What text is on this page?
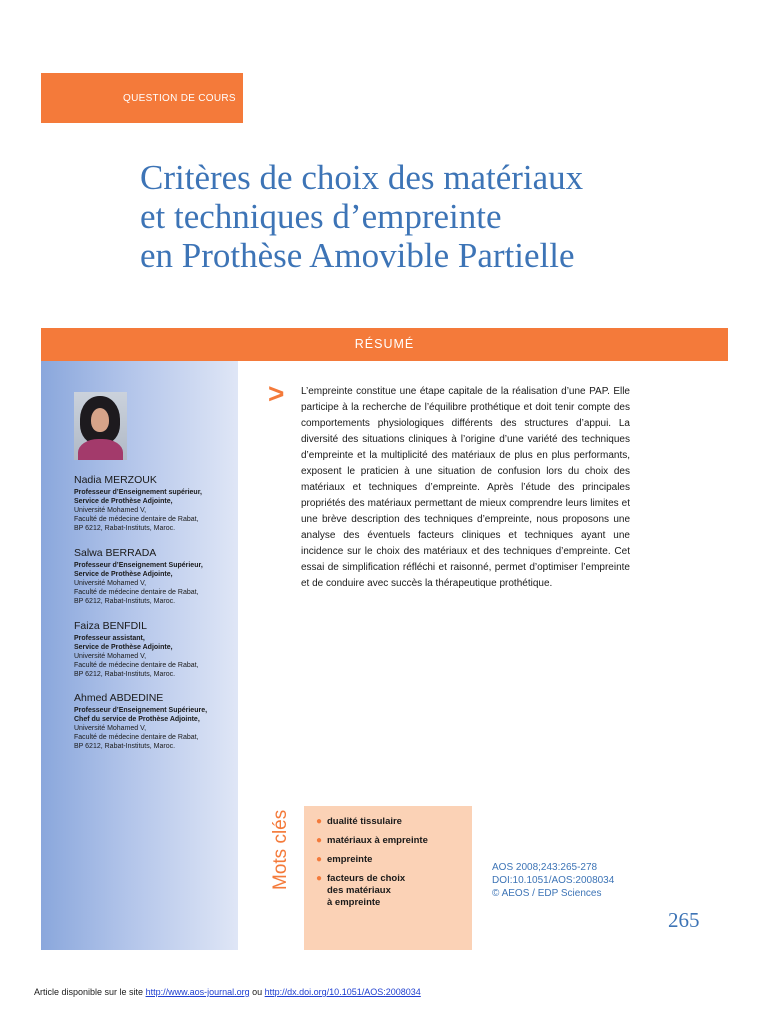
QUESTION DE COURS
Critères de choix des matériaux
et techniques d’empreinte
en Prothèse Amovible Partielle
RÉSUMÉ
Nadia MERZOUK
Professeur d’Enseignement supérieur,
Service de Prothèse Adjointe,
Université Mohamed V,
Faculté de médecine dentaire de Rabat,
BP 6212, Rabat-Instituts, Maroc.
Salwa BERRADA
Professeur d’Enseignement Supérieur,
Service de Prothèse Adjointe,
Université Mohamed V,
Faculté de médecine dentaire de Rabat,
BP 6212, Rabat-Instituts, Maroc.
Faiza BENFDIL
Professeur assistant,
Service de Prothèse Adjointe,
Université Mohamed V,
Faculté de médecine dentaire de Rabat,
BP 6212, Rabat-Instituts, Maroc.
Ahmed ABDEDINE
Professeur d’Enseignement Supérieure,
Chef du service de Prothèse Adjointe,
Université Mohamed V,
Faculté de médecine dentaire de Rabat,
BP 6212, Rabat-Instituts, Maroc.
> L’empreinte constitue une étape capitale de la réalisation d’une PAP. Elle participe à la recherche de l’équilibre prothétique et doit tenir compte des comportements physiologiques différents des structures d’appui. La diversité des situations cliniques à l’origine d’une variété des techniques d’empreinte et la multiplicité des matériaux de plus en plus performants, exposent le praticien à une situation de confusion lors du choix des matériaux et techniques d’empreinte. Après l’étude des principales propriétés des matériaux permettant de mieux comprendre leurs limites et une brève description des techniques d’empreinte, nous proposons une analyse des éventuels facteurs cliniques et techniques ayant une incidence sur le choix des matériaux et des techniques d’empreinte. Cet essai de simplification réfléchi et raisonné, permet d’optimiser l’empreinte et de conduire avec succès la thérapeutique prothétique.

Mots clés	● dualité tissulaire
● matériaux à empreinte
● empreinte
● facteurs de choix
des matériaux
à empreinte
AOS 2008;243:265-278
DOI:10.1051/AOS:2008034
© AEOS / EDP Sciences
265
Article disponible sur le site http://www.aos-journal.org ou http://dx.doi.org/10.1051/AOS:2008034
